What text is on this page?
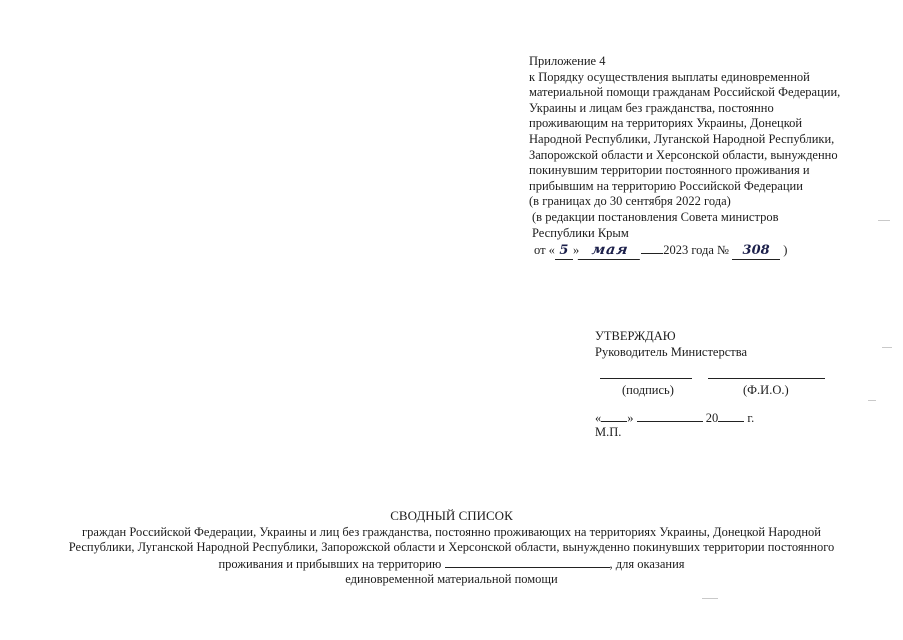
Приложение 4
к Порядку осуществления выплаты единовременной
материальной помощи гражданам Российской Федерации,
Украины и лицам без гражданства, постоянно
проживающим на территориях Украины, Донецкой
Народной Республики, Луганской Народной Республики,
Запорожской области и Херсонской области, вынужденно
покинувшим территории постоянного проживания и
прибывшим на территорию Российской Федерации
(в границах до 30 сентября 2022 года)
(в редакции постановления Совета министров
Республики Крым
от « 5 » мая	2023 года № 308 )
УТВЕРЖДАЮ
Руководитель Министерства
(подпись)	(Ф.И.О.)
« »	20 г.
М.П.
СВОДНЫЙ СПИСОК
граждан Российской Федерации, Украины и лиц без гражданства, постоянно проживающих на территориях Украины, Донецкой Народной
Республики, Луганской Народной Республики, Запорожской области и Херсонской области, вынужденно покинувших территории постоянного
проживания и прибывших на территорию	, для оказания
единовременной материальной помощи
